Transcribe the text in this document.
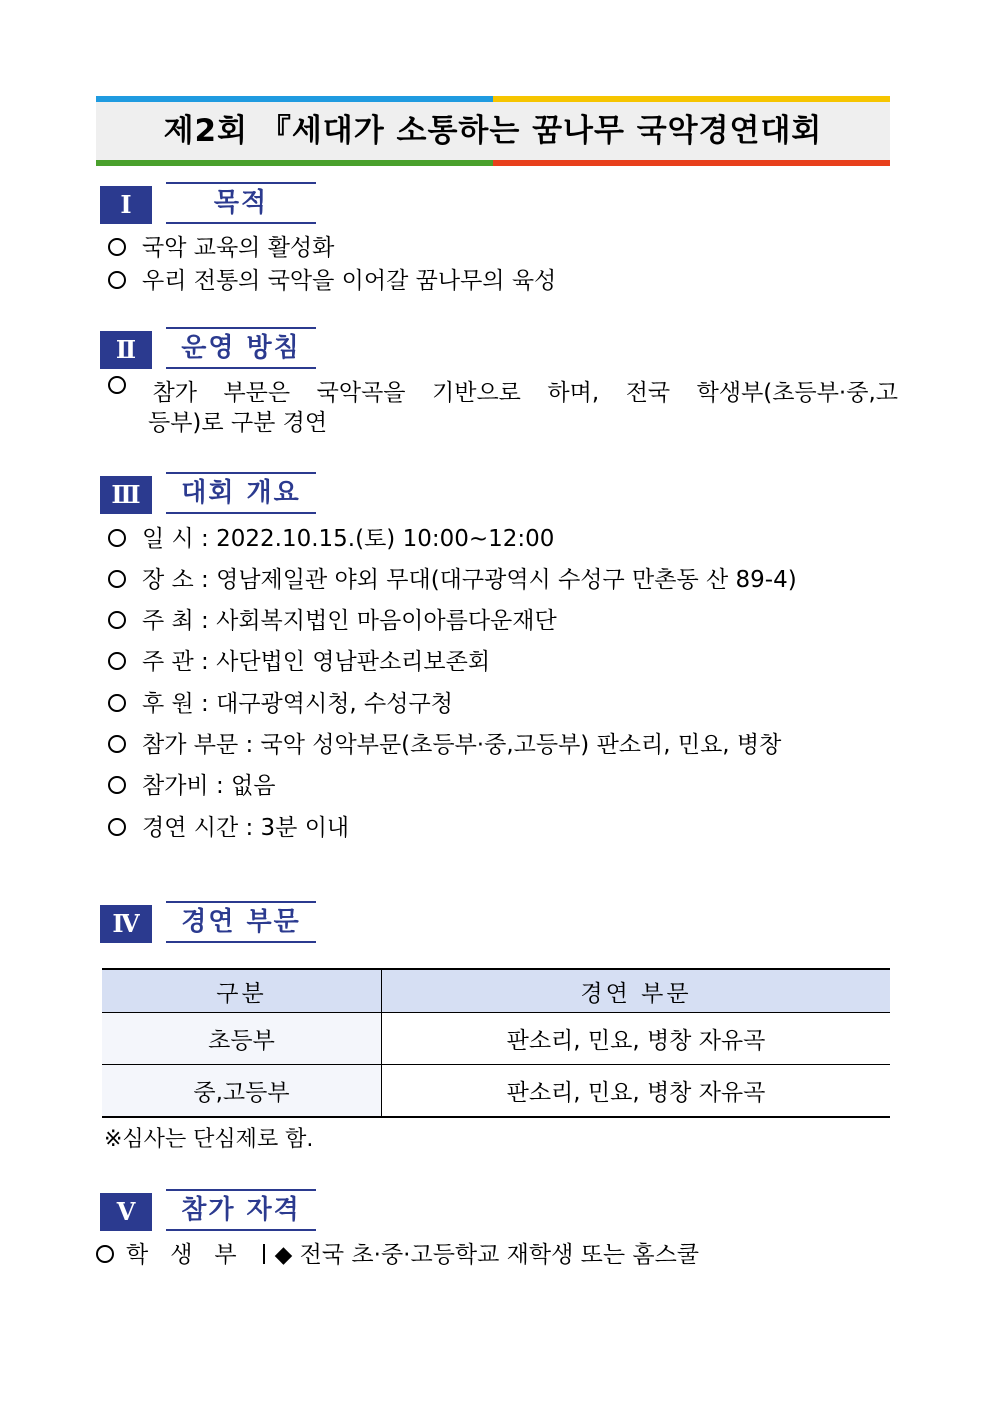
제2회 『세대가 소통하는 꿈나무 국악경연대회
Ⅰ	목적
국악 교육의 활성화
우리 전통의 국악을 이어갈 꿈나무의 육성
Ⅱ	운영 방침
참가 부문은 국악곡을 기반으로 하며, 전국 학생부(초등부·중,고
등부)로 구분 경연
Ⅲ	대회 개요
일 시 : 2022.10.15.(토) 10:00~12:00
장 소 : 영남제일관 야외 무대(대구광역시 수성구 만촌동 산 89-4)
주 최 : 사회복지법인 마음이아름다운재단
주 관 : 사단법인 영남판소리보존회
후 원 : 대구광역시청, 수성구청
참가 부문 : 국악 성악부문(초등부·중,고등부) 판소리, 민요, 병창
참가비 : 없음
경연 시간 : 3분 이내
Ⅳ	경연 부문
구분	경연 부문
초등부	판소리, 민요, 병창 자유곡
중,고등부	판소리, 민요, 병창 자유곡
※심사는 단심제로 함.
Ⅴ	참가 자격
학생부 ◆ 전국 초·중·고등학교 재학생 또는 홈스쿨
